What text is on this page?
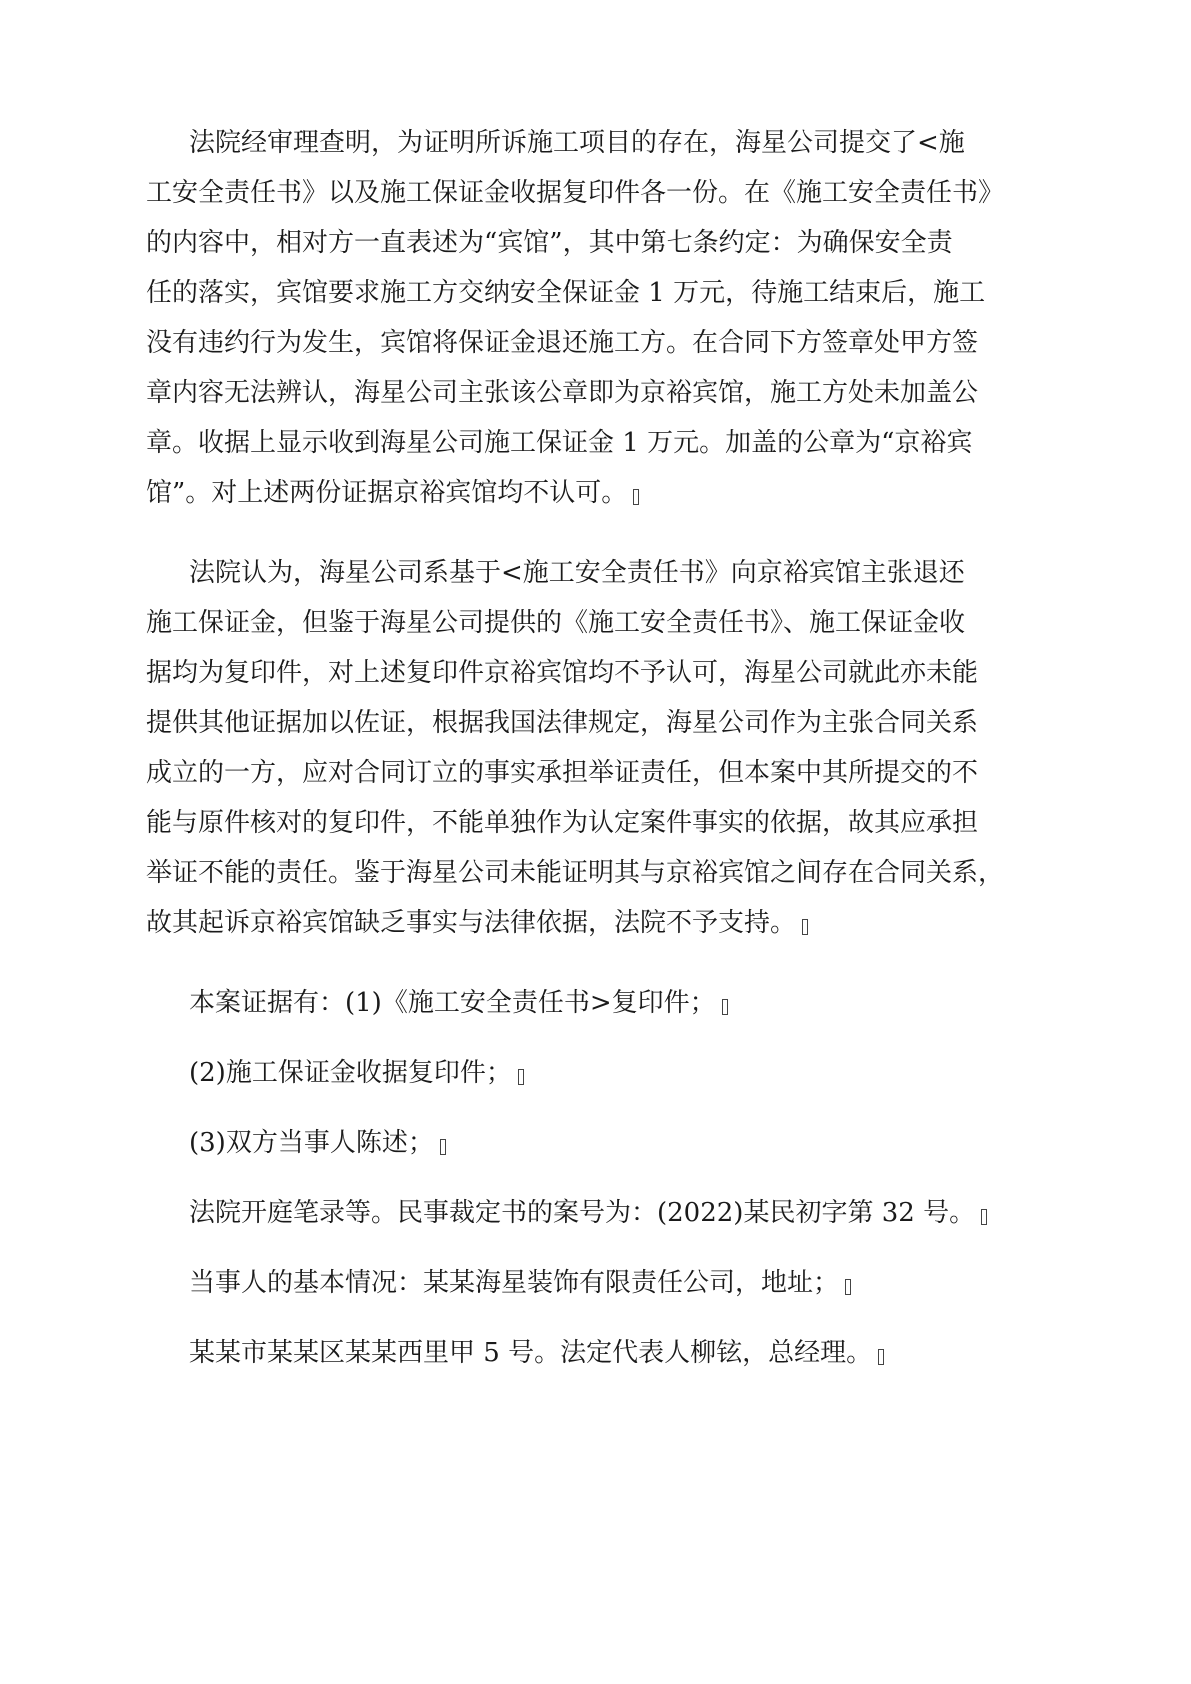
法院经审理查明，为证明所诉施工项目的存在，海星公司提交了<施
工安全责任书》以及施工保证金收据复印件各一份。在《施工安全责任书》
的内容中，相对方一直表述为“宾馆”，其中第七条约定：为确保安全责
任的落实，宾馆要求施工方交纳安全保证金 1 万元，待施工结束后，施工
没有违约行为发生，宾馆将保证金退还施工方。在合同下方签章处甲方签
章内容无法辨认，海星公司主张该公章即为京裕宾馆，施工方处未加盖公
章。收据上显示收到海星公司施工保证金 1 万元。加盖的公章为“京裕宾
馆”。对上述两份证据京裕宾馆均不认可。
法院认为，海星公司系基于<施工安全责任书》向京裕宾馆主张退还
施工保证金，但鉴于海星公司提供的《施工安全责任书》、施工保证金收
据均为复印件，对上述复印件京裕宾馆均不予认可，海星公司就此亦未能
提供其他证据加以佐证，根据我国法律规定，海星公司作为主张合同关系
成立的一方，应对合同订立的事实承担举证责任，但本案中其所提交的不
能与原件核对的复印件，不能单独作为认定案件事实的依据，故其应承担
举证不能的责任。鉴于海星公司未能证明其与京裕宾馆之间存在合同关系，
故其起诉京裕宾馆缺乏事实与法律依据，法院不予支持。
本案证据有：(1)《施工安全责任书>复印件；
(2)施工保证金收据复印件；
(3)双方当事人陈述；
法院开庭笔录等。民事裁定书的案号为：(2022)某民初字第 32 号。
当事人的基本情况：某某海星装饰有限责任公司，地址；
某某市某某区某某西里甲 5 号。法定代表人柳铉，总经理。
